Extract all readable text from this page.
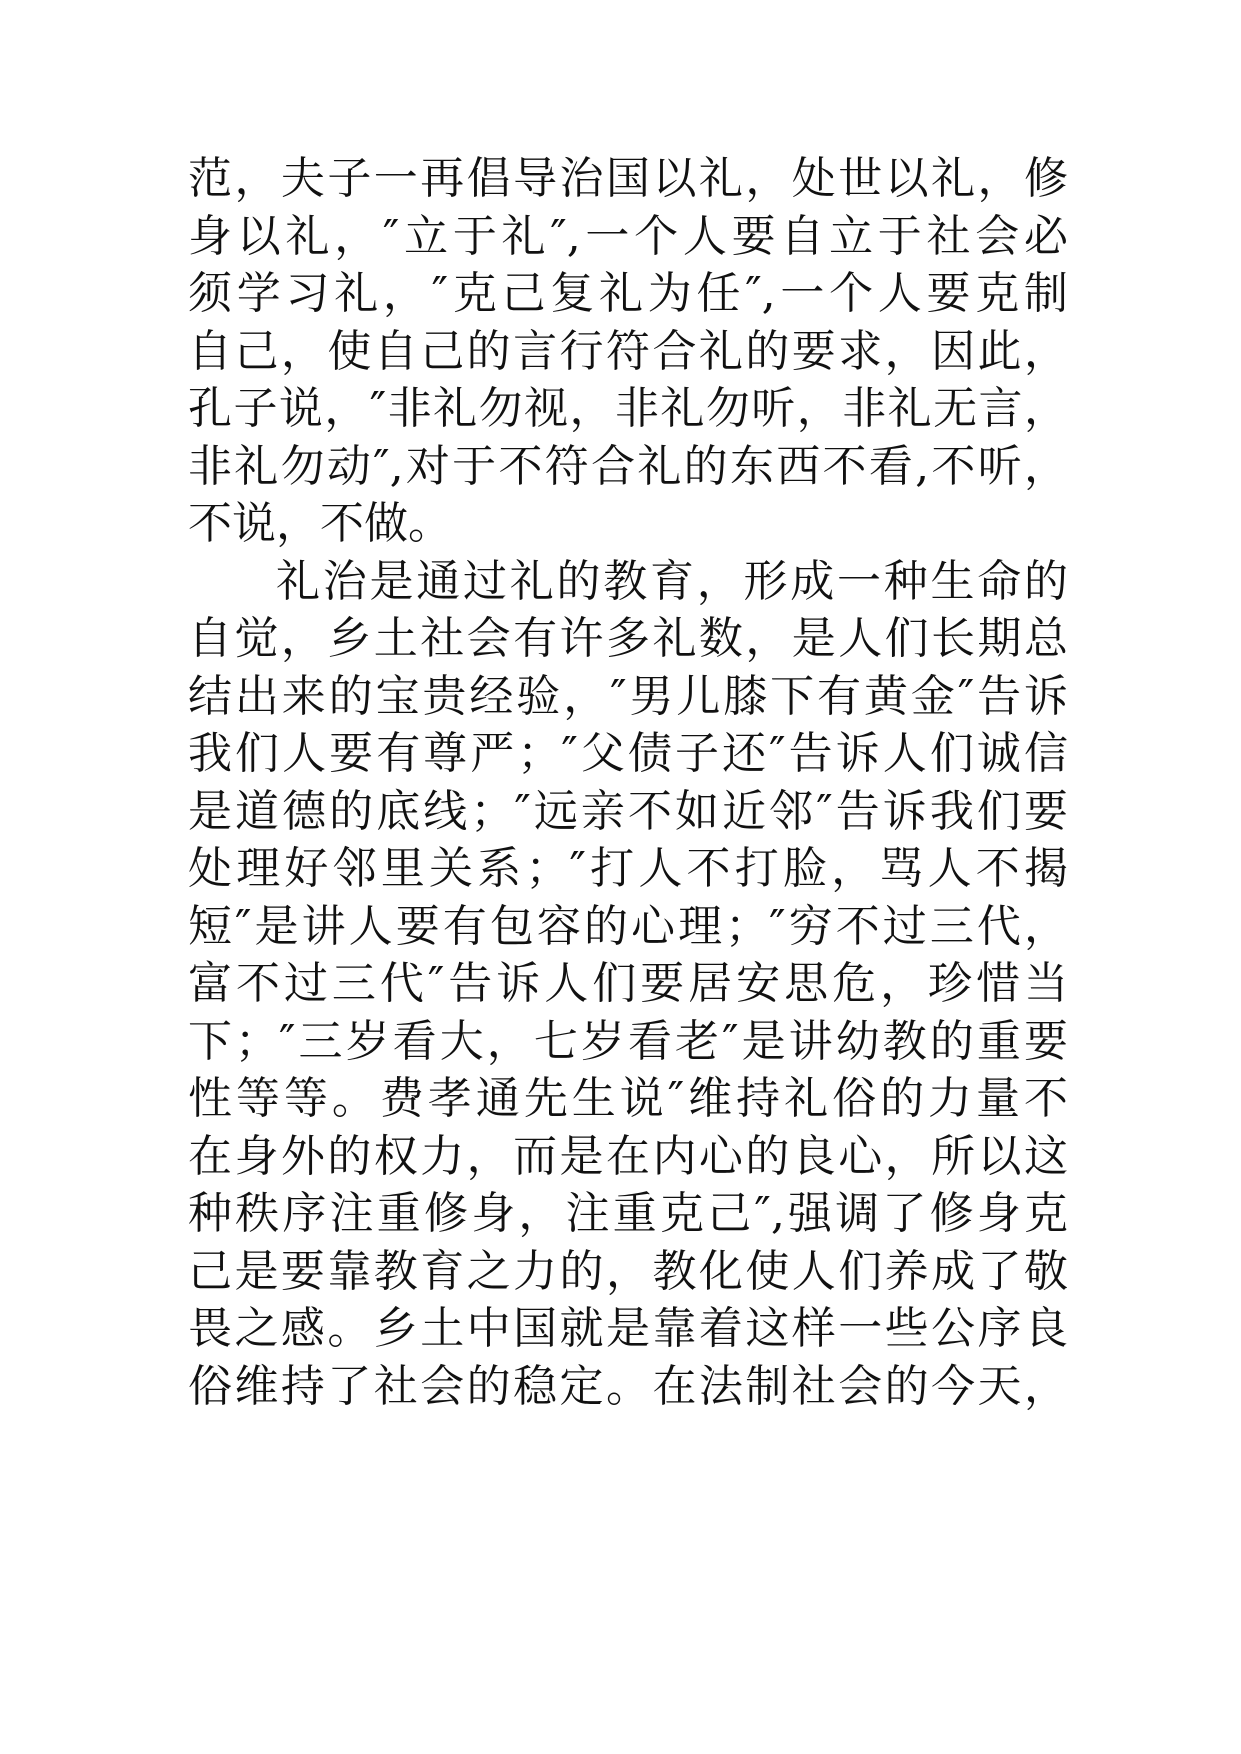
范，夫子一再倡导治国以礼，处世以礼，修
身以礼，″立于礼″,一个人要自立于社会必
须学习礼，″克己复礼为任″,一个人要克制
自己，使自己的言行符合礼的要求，因此，
孔子说，″非礼勿视，非礼勿听，非礼无言，
非礼勿动″,对于不符合礼的东西不看,不听，
不说，不做。
礼治是通过礼的教育，形成一种生命的
自觉，乡土社会有许多礼数，是人们长期总
结出来的宝贵经验，″男儿膝下有黄金″告诉
我们人要有尊严；″父债子还″告诉人们诚信
是道德的底线；″远亲不如近邻″告诉我们要
处理好邻里关系；″打人不打脸，骂人不揭
短″是讲人要有包容的心理；″穷不过三代，
富不过三代″告诉人们要居安思危，珍惜当
下；″三岁看大，七岁看老″是讲幼教的重要
性等等。费孝通先生说″维持礼俗的力量不
在身外的权力，而是在内心的良心，所以这
种秩序注重修身，注重克己″,强调了修身克
己是要靠教育之力的，教化使人们养成了敬
畏之感。乡土中国就是靠着这样一些公序良
俗维持了社会的稳定。在法制社会的今天，
